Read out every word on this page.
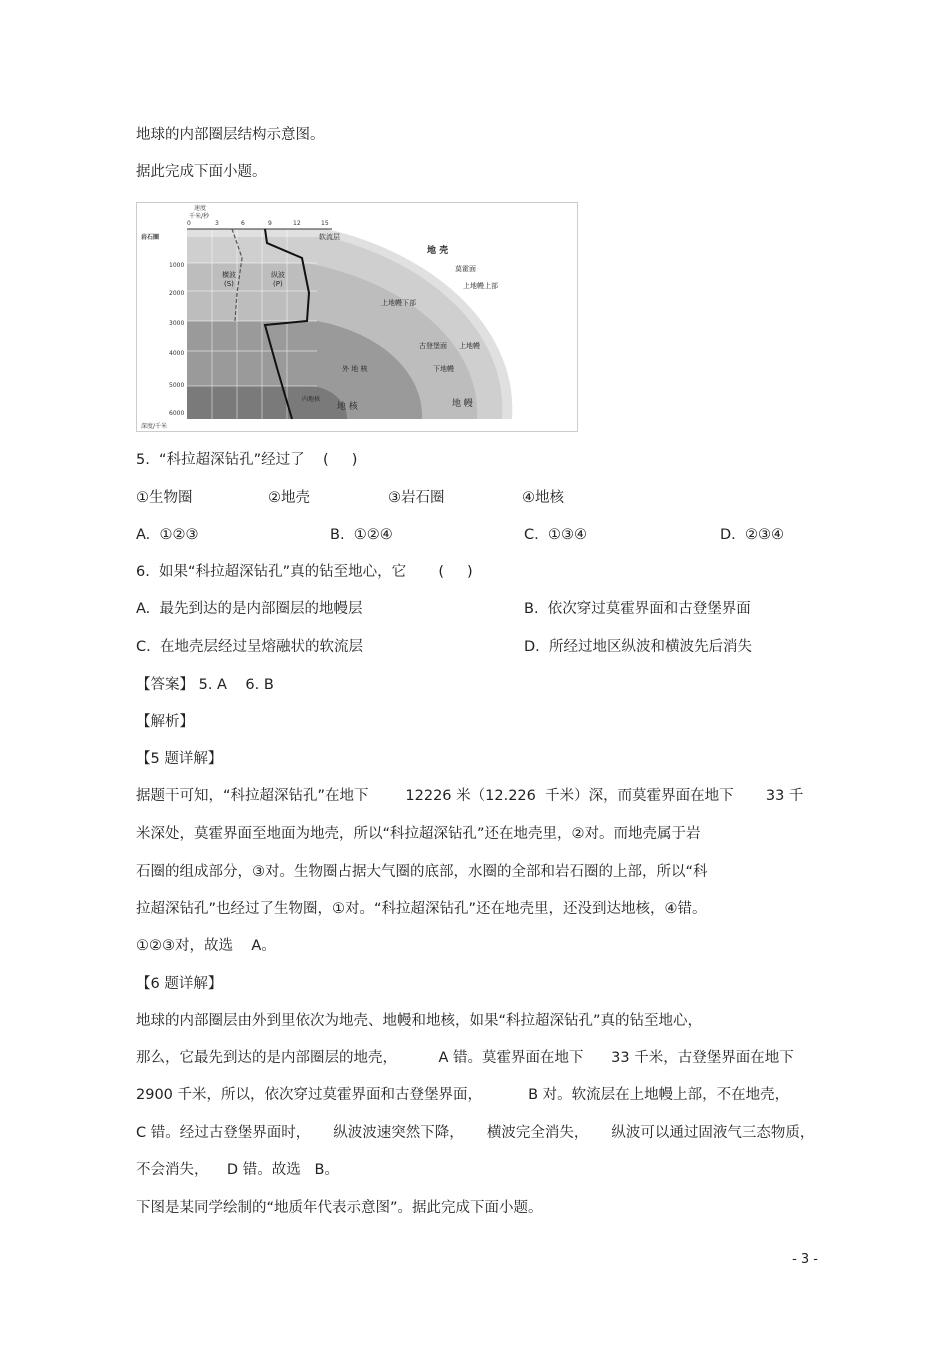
地球的内部圈层结构示意图。
据此完成下面小题。
0	3	6	9	12	15
速度
千米/秒
岩石圈
1000
2000
3000
4000
5000
6000
深度/千米
横波
(S)
纵波
(P)
软流层
地 壳
莫霍面
上地幔上部
上地幔下部
古登堡面 上地幔
下地幔
外 地 核
内地核
地 核	地 幔
5.  “科拉超深钻孔”经过了    (     )
①生物圈	②地壳	③岩石圈	④地核
A.  ①②③	B.  ①②④	C.  ①③④	D.  ②③④
6.  如果“科拉超深钻孔”真的钻至地心，它       (     )
A.  最先到达的是内部圈层的地幔层	B.  依次穿过莫霍界面和古登堡界面
C.  在地壳层经过呈熔融状的软流层	D.  所经过地区纵波和横波先后消失
【答案】 5. A    6. B
【解析】
【5 题详解】
据题干可知，“科拉超深钻孔”在地下        12226 米（12.226  千米）深，而莫霍界面在地下       33 千
米深处，莫霍界面至地面为地壳，所以“科拉超深钻孔”还在地壳里，②对。而地壳属于岩
石圈的组成部分，③对。生物圈占据大气圈的底部，水圈的全部和岩石圈的上部，所以“科
拉超深钻孔”也经过了生物圈，①对。“科拉超深钻孔”还在地壳里，还没到达地核，④错。
①②③对，故选    A。
【6 题详解】
地球的内部圈层由外到里依次为地壳、地幔和地核，如果“科拉超深钻孔”真的钻至地心，
那么，它最先到达的是内部圈层的地壳，         A 错。莫霍界面在地下      33 千米，古登堡界面在地下
2900 千米，所以，依次穿过莫霍界面和古登堡界面，          B 对。软流层在上地幔上部，不在地壳，
C 错。经过古登堡界面时，     纵波波速突然下降，     横波完全消失，     纵波可以通过固液气三态物质，
不会消失，    D 错。故选   B。
下图是某同学绘制的“地质年代表示意图”。据此完成下面小题。
- 3 -
